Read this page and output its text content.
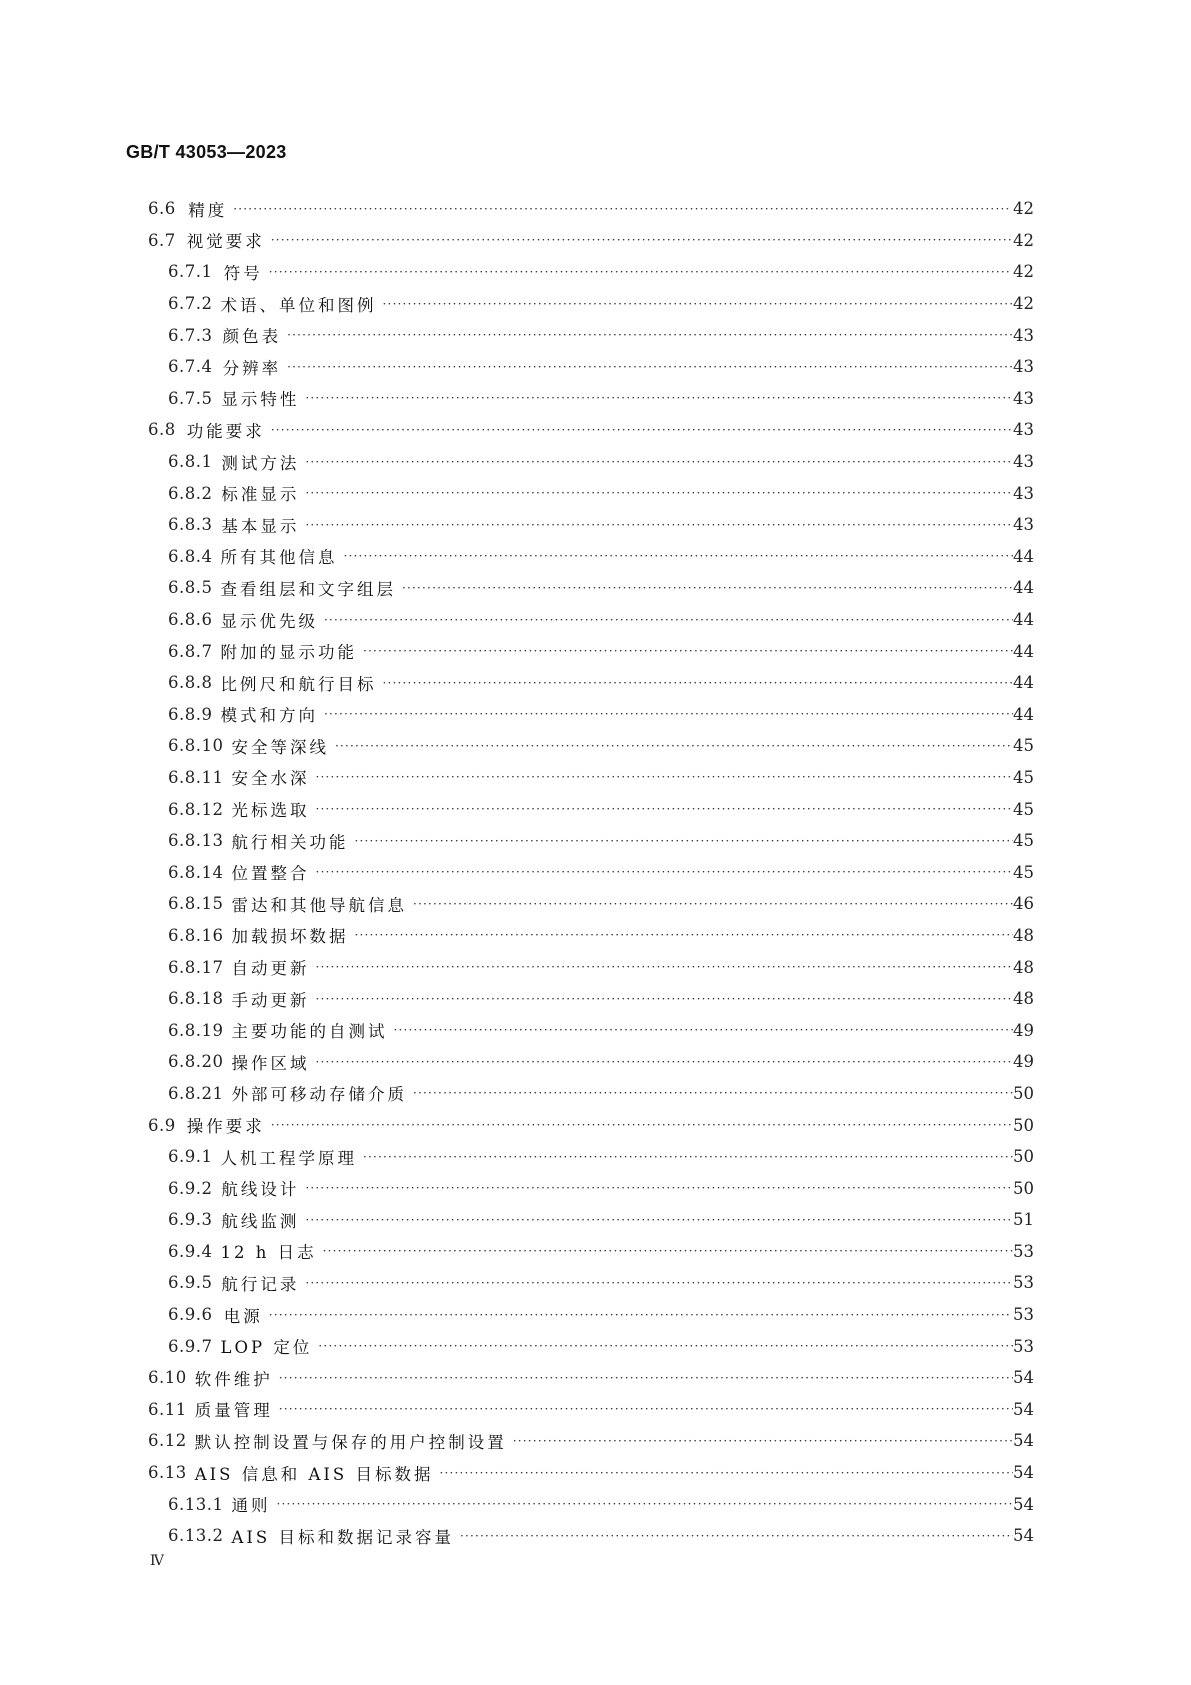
GB/T 43053—2023
6.6 精度 ·····	42
6.7 视觉要求 ·····	42
6.7.1 符号 ·····	42
6.7.2 术语、单位和图例 ·····	42
6.7.3 颜色表 ·····	43
6.7.4 分辨率 ·····	43
6.7.5 显示特性 ·····	43
6.8 功能要求 ·····	43
6.8.1 测试方法 ·····	43
6.8.2 标准显示 ·····	43
6.8.3 基本显示 ·····	43
6.8.4 所有其他信息 ·····	44
6.8.5 查看组层和文字组层 ·····	44
6.8.6 显示优先级 ·····	44
6.8.7 附加的显示功能 ·····	44
6.8.8 比例尺和航行目标 ·····	44
6.8.9 模式和方向 ·····	44
6.8.10 安全等深线 ·····	45
6.8.11 安全水深 ·····	45
6.8.12 光标选取 ·····	45
6.8.13 航行相关功能 ·····	45
6.8.14 位置整合 ·····	45
6.8.15 雷达和其他导航信息 ·····	46
6.8.16 加载损坏数据 ·····	48
6.8.17 自动更新 ·····	48
6.8.18 手动更新 ·····	48
6.8.19 主要功能的自测试 ·····	49
6.8.20 操作区域 ·····	49
6.8.21 外部可移动存储介质 ·····	50
6.9 操作要求 ·····	50
6.9.1 人机工程学原理 ·····	50
6.9.2 航线设计 ·····	50
6.9.3 航线监测 ·····	51
6.9.4 12 h 日志 ·····	53
6.9.5 航行记录 ·····	53
6.9.6 电源 ·····	53
6.9.7 LOP 定位 ·····	53
6.10 软件维护 ·····	54
6.11 质量管理 ·····	54
6.12 默认控制设置与保存的用户控制设置 ·····	54
6.13 AIS 信息和 AIS 目标数据 ·····	54
6.13.1 通则 ·····	54
6.13.2 AIS 目标和数据记录容量 ·····	54
Ⅳ
